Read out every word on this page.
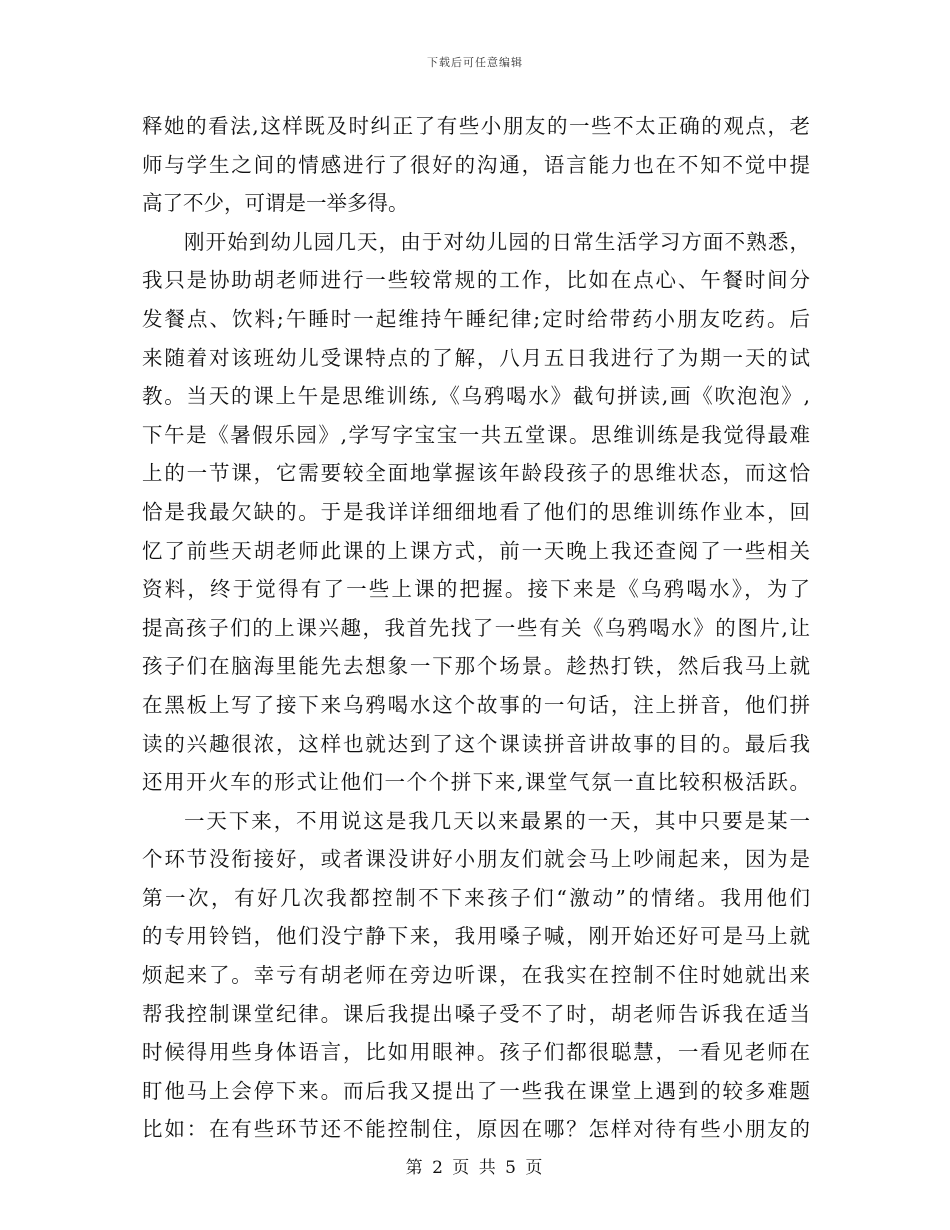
下载后可任意编辑
释她的看法,这样既及时纠正了有些小朋友的一些不太正确的观点，老
师与学生之间的情感进行了很好的沟通，语言能力也在不知不觉中提
高了不少，可谓是一举多得。
刚开始到幼儿园几天，由于对幼儿园的日常生活学习方面不熟悉，
我只是协助胡老师进行一些较常规的工作，比如在点心、午餐时间分
发餐点、饮料;午睡时一起维持午睡纪律;定时给带药小朋友吃药。后
来随着对该班幼儿受课特点的了解，八月五日我进行了为期一天的试
教。当天的课上午是思维训练,《乌鸦喝水》截句拼读,画《吹泡泡》,
下午是《暑假乐园》,学写字宝宝一共五堂课。思维训练是我觉得最难
上的一节课，它需要较全面地掌握该年龄段孩子的思维状态，而这恰
恰是我最欠缺的。于是我详详细细地看了他们的思维训练作业本，回
忆了前些天胡老师此课的上课方式，前一天晚上我还查阅了一些相关
资料，终于觉得有了一些上课的把握。接下来是《乌鸦喝水》，为了
提高孩子们的上课兴趣，我首先找了一些有关《乌鸦喝水》的图片,让
孩子们在脑海里能先去想象一下那个场景。趁热打铁，然后我马上就
在黑板上写了接下来乌鸦喝水这个故事的一句话，注上拼音，他们拼
读的兴趣很浓，这样也就达到了这个课读拼音讲故事的目的。最后我
还用开火车的形式让他们一个个拼下来,课堂气氛一直比较积极活跃。
一天下来，不用说这是我几天以来最累的一天，其中只要是某一
个环节没衔接好，或者课没讲好小朋友们就会马上吵闹起来，因为是
第一次，有好几次我都控制不下来孩子们“激动”的情绪。我用他们
的专用铃铛，他们没宁静下来，我用嗓子喊，刚开始还好可是马上就
烦起来了。幸亏有胡老师在旁边听课，在我实在控制不住时她就出来
帮我控制课堂纪律。课后我提出嗓子受不了时，胡老师告诉我在适当
时候得用些身体语言，比如用眼神。孩子们都很聪慧，一看见老师在
盯他马上会停下来。而后我又提出了一些我在课堂上遇到的较多难题
比如：在有些环节还不能控制住，原因在哪？怎样对待有些小朋友的
第 2 页 共 5 页
